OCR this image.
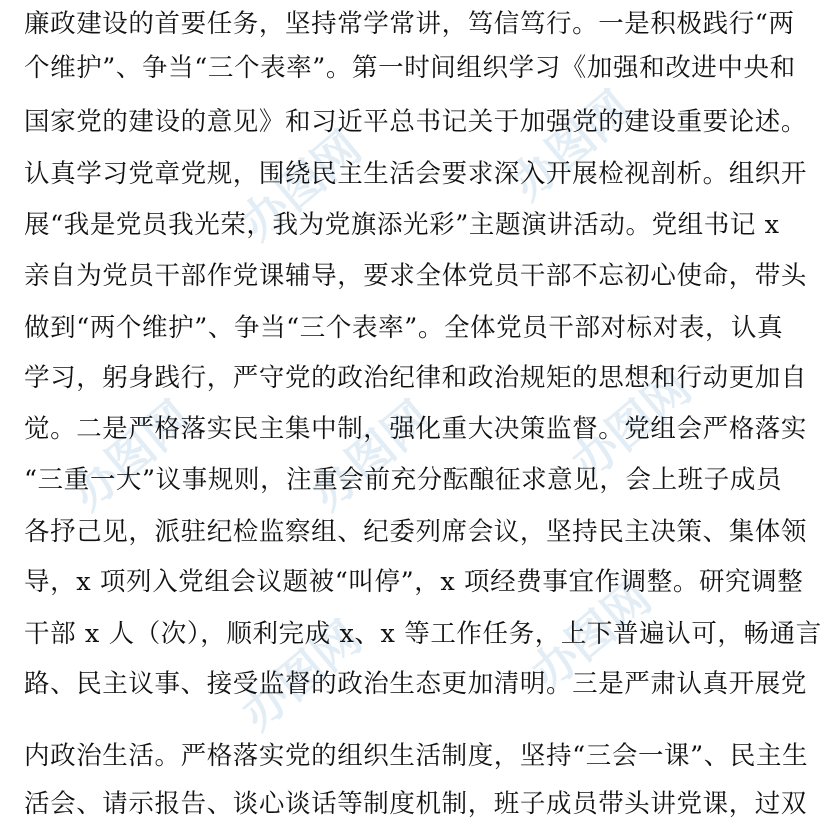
办图网	办图网
办图网 办图网	办图网
办图网	办图网
廉政建设的首要任务，坚持常学常讲，笃信笃行。一是积极践行“两
个维护”、争当“三个表率”。第一时间组织学习《加强和改进中央和
国家党的建设的意见》和习近平总书记关于加强党的建设重要论述。
认真学习党章党规，围绕民主生活会要求深入开展检视剖析。组织开
展“我是党员我光荣，我为党旗添光彩”主题演讲活动。党组书记 x
亲自为党员干部作党课辅导，要求全体党员干部不忘初心使命，带头
做到“两个维护”、争当“三个表率”。全体党员干部对标对表，认真
学习，躬身践行，严守党的政治纪律和政治规矩的思想和行动更加自
觉。二是严格落实民主集中制，强化重大决策监督。党组会严格落实
“三重一大”议事规则，注重会前充分酝酿征求意见，会上班子成员
各抒己见，派驻纪检监察组、纪委列席会议，坚持民主决策、集体领
导，x 项列入党组会议题被“叫停”，x 项经费事宜作调整。研究调整
干部 x 人（次），顺利完成 x、x 等工作任务，上下普遍认可，畅通言
路、民主议事、接受监督的政治生态更加清明。三是严肃认真开展党
内政治生活。严格落实党的组织生活制度，坚持“三会一课”、民主生
活会、请示报告、谈心谈话等制度机制，班子成员带头讲党课，过双
